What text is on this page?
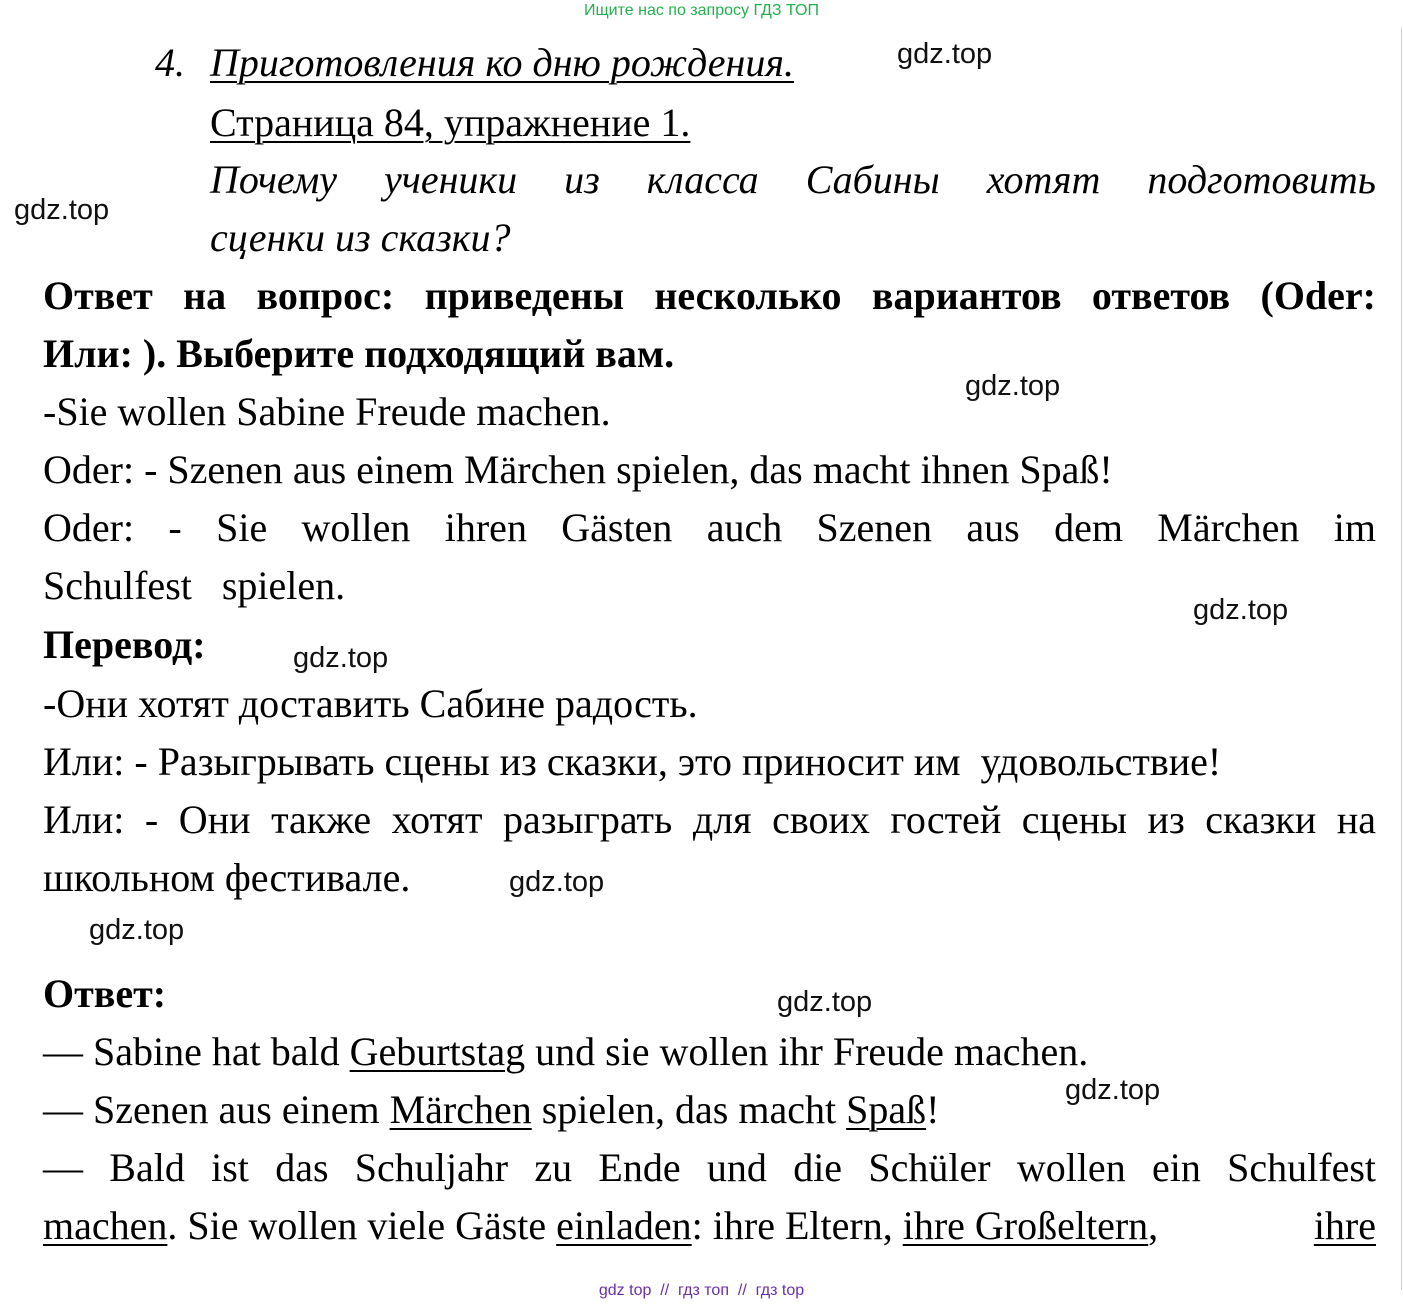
Ищите нас по запросу ГДЗ ТОП
4. Приготовления ко дню рождения.
Страница 84, упражнение 1.
Почему ученики из класса Сабины хотят подготовить
сценки из сказки?
Ответ на вопрос: приведены несколько вариантов ответов (Oder:
Или: ). Выберите подходящий вам.
-Sie wollen Sabine Freude machen.
Oder: - Szenen aus einem Märchen spielen, das macht ihnen Spaß!
Oder: - Sie wollen ihren Gästen auch Szenen aus dem Märchen im
Schulfest   spielen.
Перевод:
-Они хотят доставить Сабине радость.
Или: - Разыгрывать сцены из сказки, это приносит им  удовольствие!
Или: - Они также хотят разыграть для своих гостей сцены из сказки на
школьном фестивале.
Ответ:
— Sabine hat bald Geburtstag und sie wollen ihr Freude machen.
— Szenen aus einem Märchen spielen, das macht Spaß!
— Bald ist das Schuljahr zu Ende und die Schüler wollen ein Schulfest
machen. Sie wollen viele Gäste einladen: ihre Eltern, ihre Großeltern,	ihre
gdz.top
gdz.top
gdz.top
gdz.top
gdz.top
gdz.top
gdz.top
gdz.top
gdz.top
gdz top  //  гдз топ  //  гдз top
